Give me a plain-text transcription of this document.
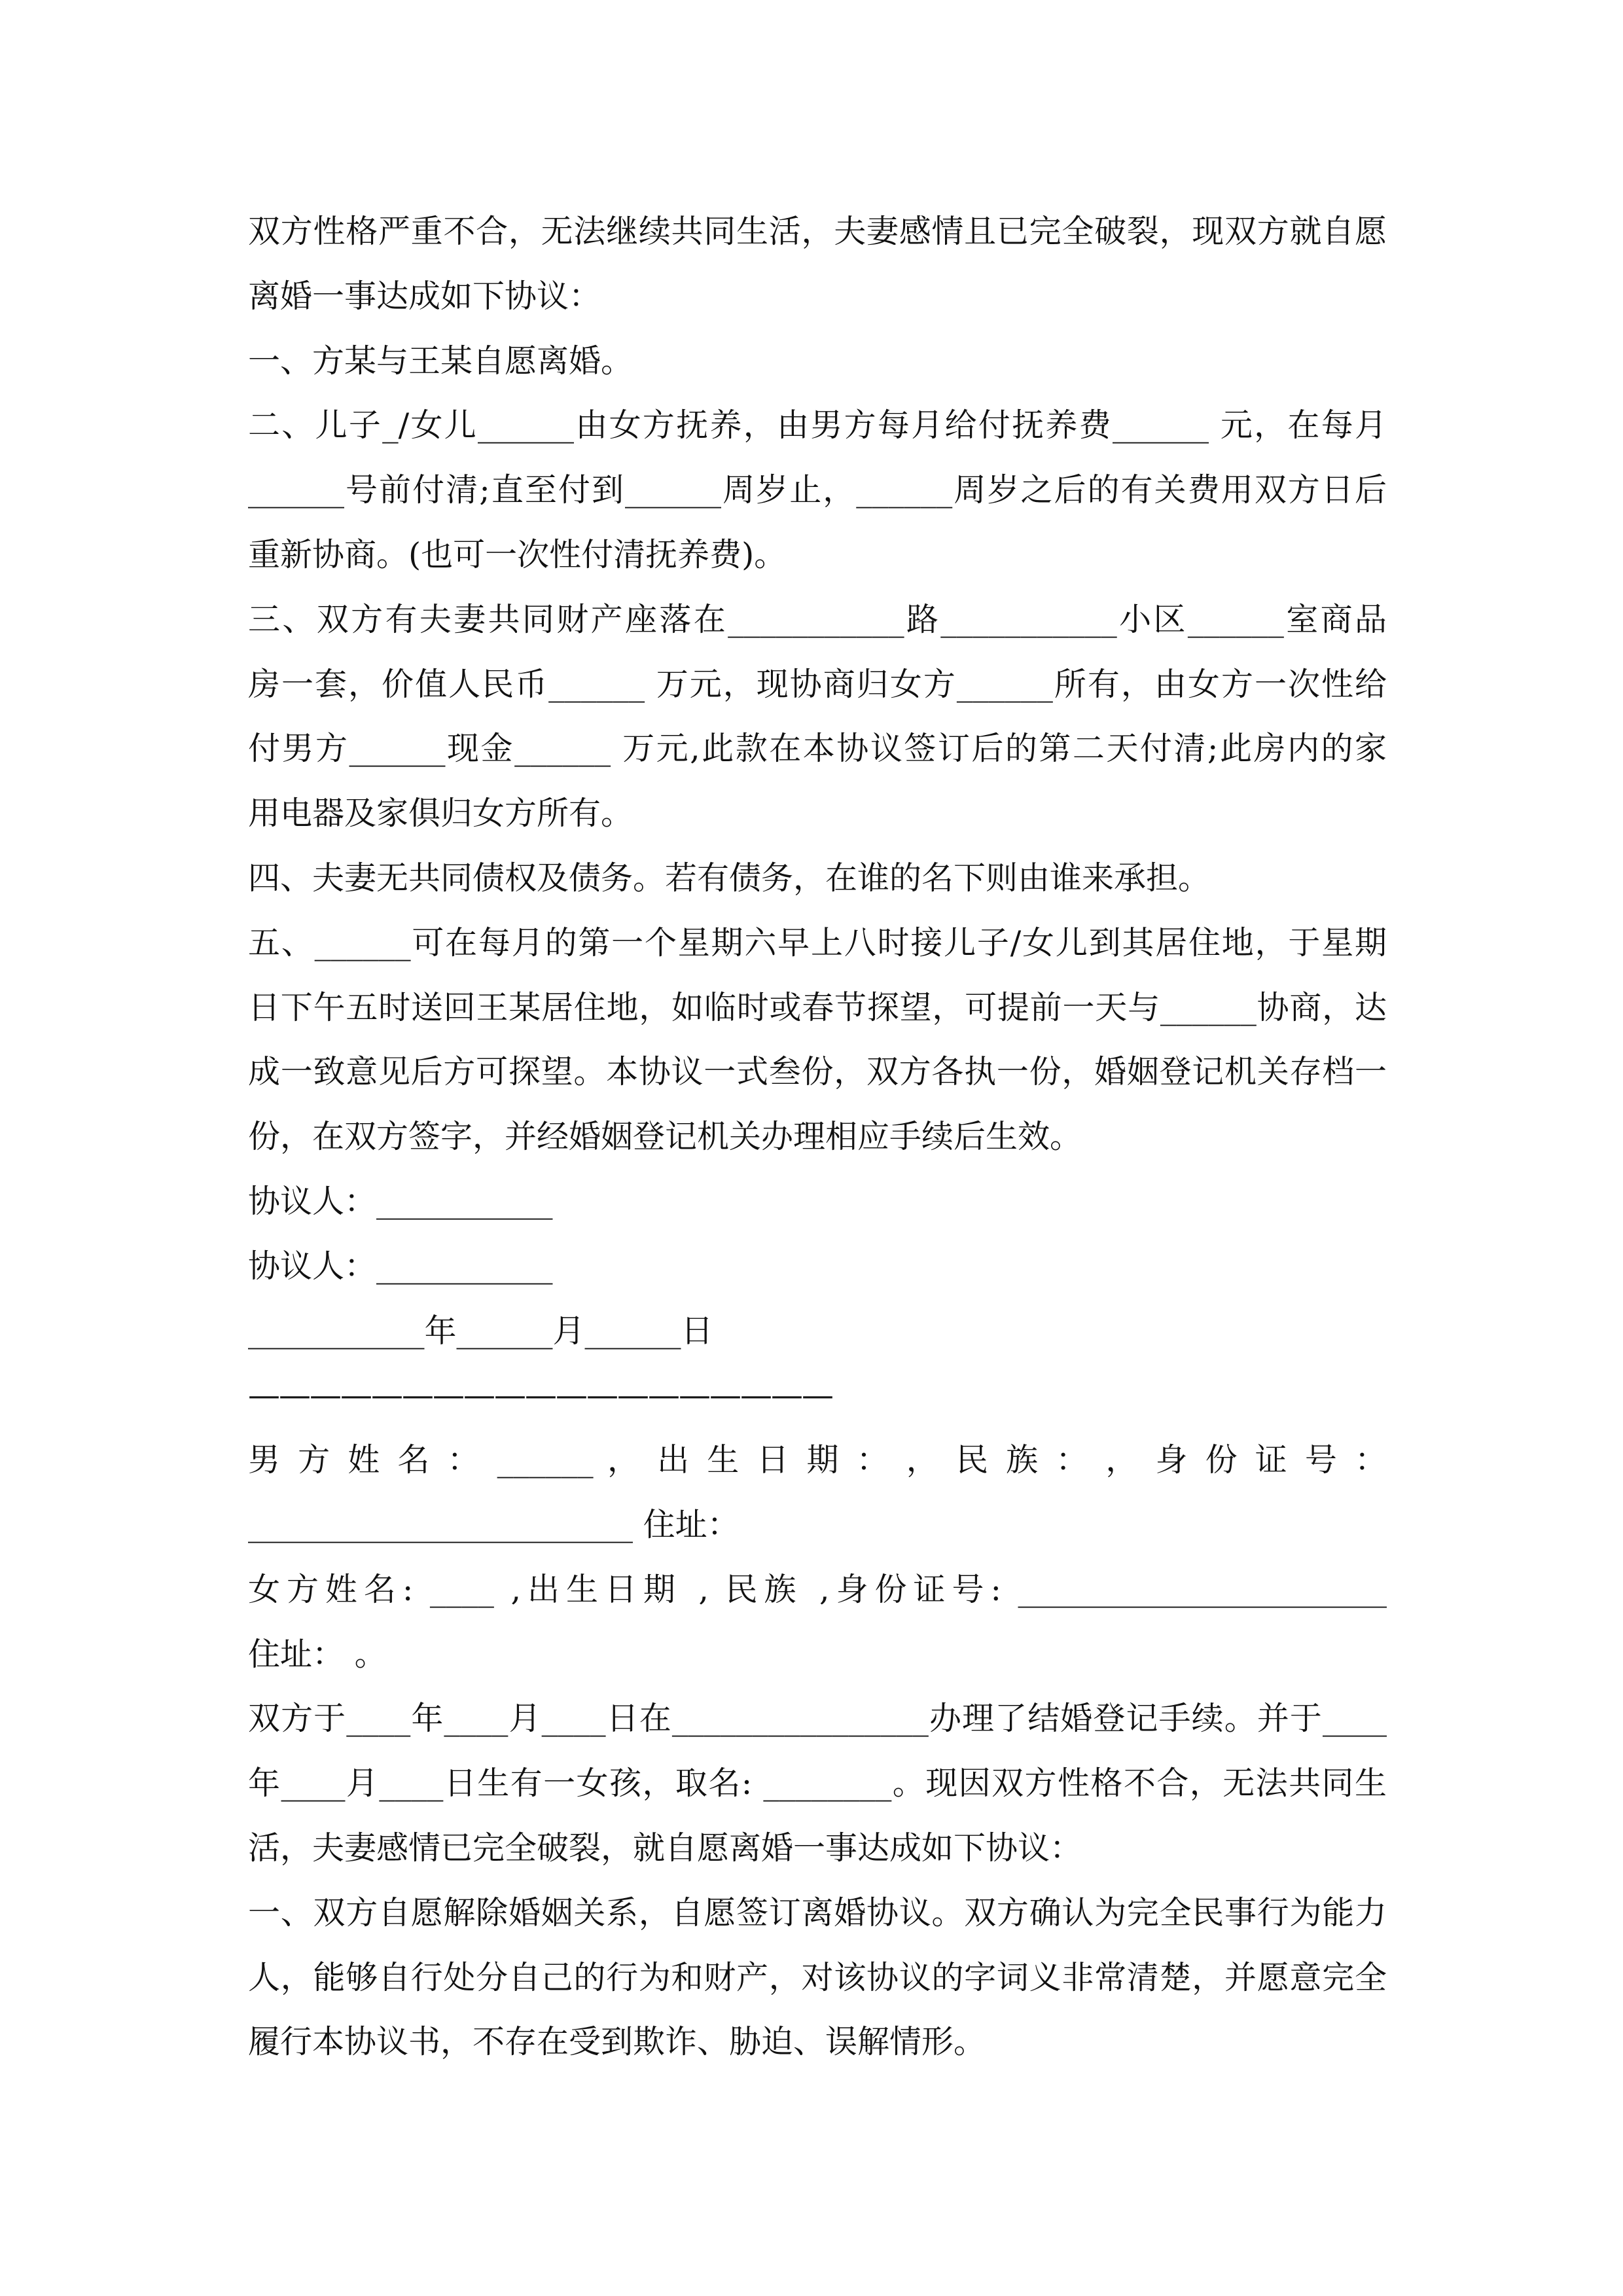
双方性格严重不合，无法继续共同生活，夫妻感情且已完全破裂，现双方就自愿
离婚一事达成如下协议：
一、方某与王某自愿离婚。
二、儿子_/女儿______由女方抚养，由男方每月给付抚养费______ 元，在每月
______号前付清;直至付到______周岁止，______周岁之后的有关费用双方日后
重新协商。(也可一次性付清抚养费)。
三、双方有夫妻共同财产座落在___________路___________小区______室商品
房一套，价值人民币______ 万元，现协商归女方______所有，由女方一次性给
付男方______现金______ 万元,此款在本协议签订后的第二天付清;此房内的家
用电器及家俱归女方所有。
四、夫妻无共同债权及债务。若有债务，在谁的名下则由谁来承担。
五、______可在每月的第一个星期六早上八时接儿子/女儿到其居住地，于星期
日下午五时送回王某居住地，如临时或春节探望，可提前一天与______协商，达
成一致意见后方可探望。本协议一式叁份，双方各执一份，婚姻登记机关存档一
份，在双方签字，并经婚姻登记机关办理相应手续后生效。
协议人：___________
协议人：___________
___________年______月______日
———————————————————
男 方 姓 名 ： ______ ， 出 生 日 期 ： ， 民 族 ： ， 身 份 证 号 ：
________________________ 住址：
女方姓名: ____ ,出生日期 , 民族 ,身份证号: _______________________
住址： 。
双方于____年____月____日在________________办理了结婚登记手续。并于____
年____月____日生有一女孩，取名: ________。现因双方性格不合，无法共同生
活，夫妻感情已完全破裂，就自愿离婚一事达成如下协议：
一、双方自愿解除婚姻关系，自愿签订离婚协议。双方确认为完全民事行为能力
人，能够自行处分自己的行为和财产，对该协议的字词义非常清楚，并愿意完全
履行本协议书，不存在受到欺诈、胁迫、误解情形。
